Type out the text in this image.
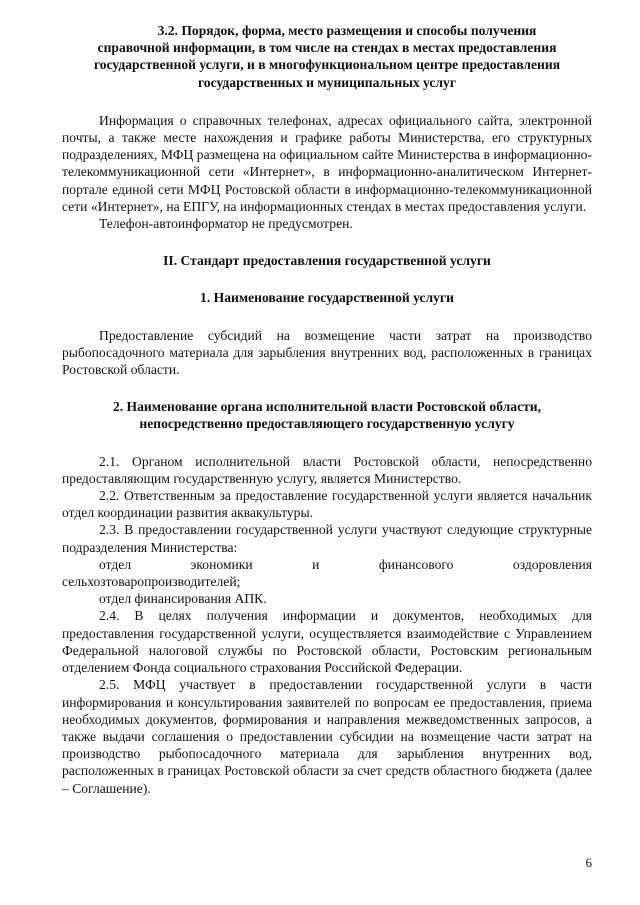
3.2. Порядок, форма, место размещения и способы получения
справочной информации, в том числе на стендах в местах предоставления
государственной услуги, и в многофункциональном центре предоставления
государственных и муниципальных услуг

Информация о справочных телефонах, адресах официального сайта, электронной почты, а также месте нахождения и графике работы Министерства, его структурных подразделениях, МФЦ размещена на официальном сайте Министерства в информационно-телекоммуникационной сети «Интернет», в информационно-аналитическом Интернет-портале единой сети МФЦ Ростовской области в информационно-телекоммуникационной сети «Интернет», на ЕПГУ, на информационных стендах в местах предоставления услуги.

Телефон-автоинформатор не предусмотрен.

II. Стандарт предоставления государственной услуги
1. Наименование государственной услуги

Предоставление субсидий на возмещение части затрат на производство рыбопосадочного материала для зарыбления внутренних вод, расположенных в границах Ростовской области.

2. Наименование органа исполнительной власти Ростовской области,
непосредственно предоставляющего государственную услугу

2.1. Органом исполнительной власти Ростовской области, непосредственно предоставляющим государственную услугу, является Министерство.

2.2. Ответственным за предоставление государственной услуги является начальник отдел координации развития аквакультуры.

2.3. В предоставлении государственной услуги участвуют следующие структурные подразделения Министерства:

отдел экономики и финансового оздоровления

сельхозтоваропроизводителей;

отдел финансирования АПК.

2.4. В целях получения информации и документов, необходимых для предоставления государственной услуги, осуществляется взаимодействие с Управлением Федеральной налоговой службы по Ростовской области, Ростовским региональным отделением Фонда социального страхования Российской Федерации.

2.5. МФЦ участвует в предоставлении государственной услуги в части информирования и консультирования заявителей по вопросам ее предоставления, приема необходимых документов, формирования и направления межведомственных запросов, а также выдачи соглашения о предоставлении субсидии на возмещение части затрат на производство рыбопосадочного материала для зарыбления внутренних вод, расположенных в границах Ростовской области за счет средств областного бюджета (далее – Соглашение).

6
